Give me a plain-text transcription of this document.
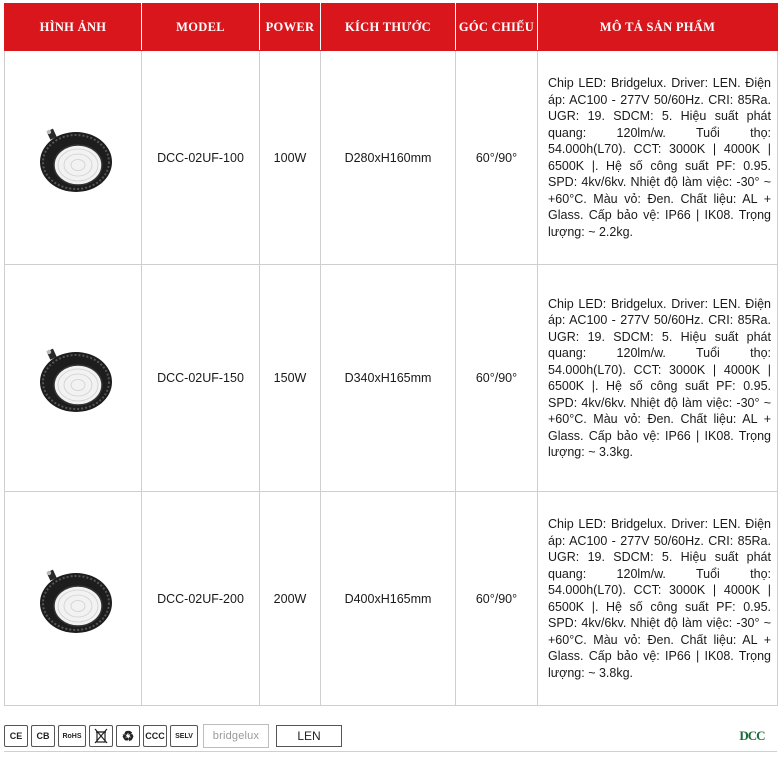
HÌNH ẢNH	MODEL	POWER	KÍCH THƯỚC	GÓC CHIẾU	MÔ TẢ SẢN PHẨM

	DCC-02UF-100	100W	D280xH160mm	60°/90°	Chip LED: Bridgelux. Driver: LEN. Điện áp: AC100 - 277V 50/60Hz. CRI: 85Ra. UGR: 19. SDCM: 5. Hiệu suất phát quang: 120lm/w. Tuổi thọ: 54.000h(L70). CCT: 3000K | 4000K | 6500K |. Hệ số công suất PF: 0.95. SPD: 4kv/6kv. Nhiệt độ làm việc: -30° ~ +60°C. Màu vỏ: Đen. Chất liệu: AL + Glass. Cấp bảo vệ: IP66 | IK08. Trọng lượng: ~ 2.2kg.

	DCC-02UF-150	150W	D340xH165mm	60°/90°	Chip LED: Bridgelux. Driver: LEN. Điện áp: AC100 - 277V 50/60Hz. CRI: 85Ra. UGR: 19. SDCM: 5. Hiệu suất phát quang: 120lm/w. Tuổi thọ: 54.000h(L70). CCT: 3000K | 4000K | 6500K |. Hệ số công suất PF: 0.95. SPD: 4kv/6kv. Nhiệt độ làm việc: -30° ~ +60°C. Màu vỏ: Đen. Chất liệu: AL + Glass. Cấp bảo vệ: IP66 | IK08. Trọng lượng: ~ 3.3kg.

	DCC-02UF-200	200W	D400xH165mm	60°/90°	Chip LED: Bridgelux. Driver: LEN. Điện áp: AC100 - 277V 50/60Hz. CRI: 85Ra. UGR: 19. SDCM: 5. Hiệu suất phát quang: 120lm/w. Tuổi thọ: 54.000h(L70). CCT: 3000K | 4000K | 6500K |. Hệ số công suất PF: 0.95. SPD: 4kv/6kv. Nhiệt độ làm việc: -30° ~ +60°C. Màu vỏ: Đen. Chất liệu: AL + Glass. Cấp bảo vệ: IP66 | IK08. Trọng lượng: ~ 3.8kg.
CE	CB	RoHS	♻	CCC	SELV	bridgelux	LEN	DCC
